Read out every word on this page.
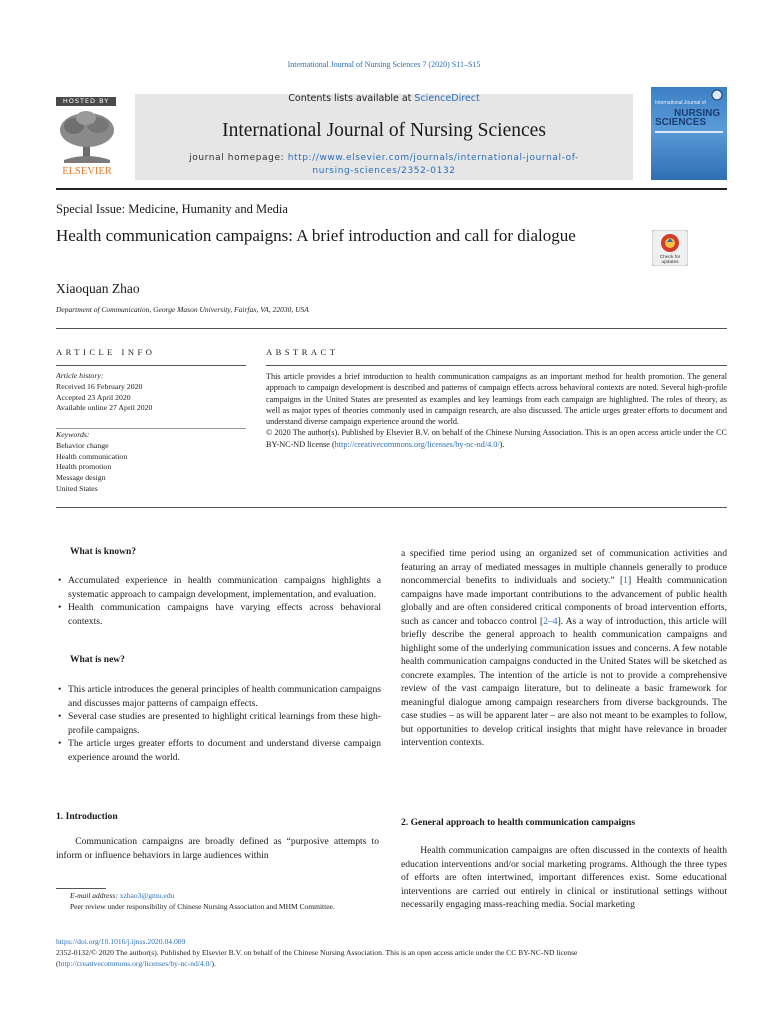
International Journal of Nursing Sciences 7 (2020) S11–S15
HOSTED BY
ELSEVIER
Contents lists available at ScienceDirect
International Journal of Nursing Sciences
journal homepage: http://www.elsevier.com/journals/international-journal-of-
nursing-sciences/2352-0132
International Journal of
NURSING
SCIENCES
Special Issue: Medicine, Humanity and Media
Health communication campaigns: A brief introduction and call for dialogue
Check for
updates
Xiaoquan Zhao
Department of Communication, George Mason University, Fairfax, VA, 22030, USA
ARTICLE INFO	ABSTRACT
Article history:
Received 16 February 2020
Accepted 23 April 2020
Available online 27 April 2020
Keywords:
Behavior change
Health communication
Health promotion
Message design
United States
This article provides a brief introduction to health communication campaigns as an important method for health promotion. The general approach to campaign development is described and patterns of campaign effects across behavioral contexts are noted. Several high-profile campaigns in the United States are presented as examples and key learnings from each campaign are highlighted. The roles of theory, as well as major types of theories commonly used in campaign research, are also discussed. The article urges greater efforts to document and understand diverse campaign experience around the world.
© 2020 The author(s). Published by Elsevier B.V. on behalf of the Chinese Nursing Association. This is an open access article under the CC BY-NC-ND license (http://creativecommons.org/licenses/by-nc-nd/4.0/).
What is known?
• Accumulated experience in health communication campaigns highlights a systematic approach to campaign development, implementation, and evaluation.
• Health communication campaigns have varying effects across behavioral contexts.
What is new?
• This article introduces the general principles of health communication campaigns and discusses major patterns of campaign effects.
• Several case studies are presented to highlight critical learnings from these high-profile campaigns.
• The article urges greater efforts to document and understand diverse campaign experience around the world.
1. Introduction
  Communication campaigns are broadly defined as “purposive attempts to inform or influence behaviors in large audiences within
E-mail address: xzhao3@gmu.edu
Peer review under responsibility of Chinese Nursing Association and MHM Committee.
a specified time period using an organized set of communication activities and featuring an array of mediated messages in multiple channels generally to produce noncommercial benefits to individuals and society.” [1] Health communication campaigns have made important contributions to the advancement of public health globally and are often considered critical components of broad intervention efforts, such as cancer and tobacco control [2–4]. As a way of introduction, this article will briefly describe the general approach to health communication campaigns and highlight some of the underlying communication issues and concerns. A few notable health communication campaigns conducted in the United States will be sketched as concrete examples. The intention of the article is not to provide a comprehensive review of the vast campaign literature, but to delineate a basic framework for meaningful dialogue among campaign researchers from diverse backgrounds. The case studies – as will be apparent later – are also not meant to be examples to follow, but opportunities to develop critical insights that might have relevance in broader intervention contexts.
2. General approach to health communication campaigns
  Health communication campaigns are often discussed in the contexts of health education interventions and/or social marketing programs. Although the three types of efforts are often intertwined, important differences exist. Some educational interventions are carried out entirely in clinical or institutional settings without necessarily engaging mass-reaching media. Social marketing
https://doi.org/10.1016/j.ijnss.2020.04.009
2352-0132/© 2020 The author(s). Published by Elsevier B.V. on behalf of the Chinese Nursing Association. This is an open access article under the CC BY-NC-ND license
(http://creativecommons.org/licenses/by-nc-nd/4.0/).
